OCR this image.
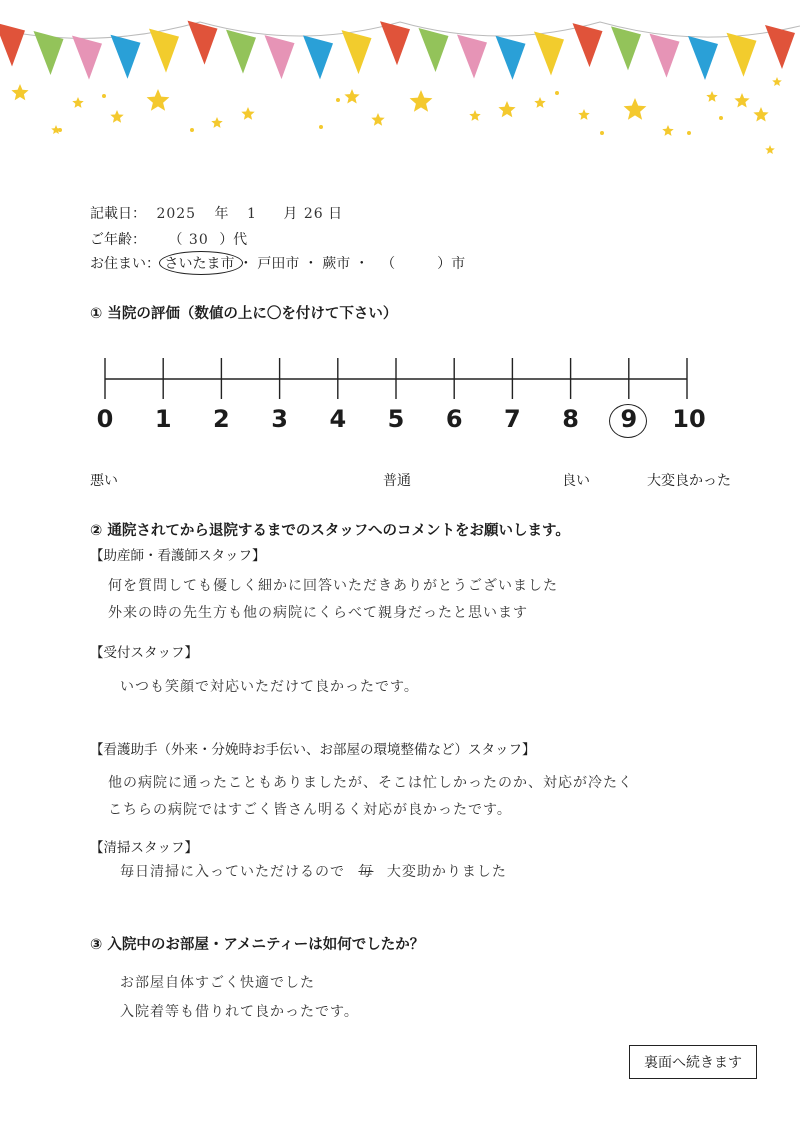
記載日： 2025 年 1 月 26 日
ご年齢： （ 30 ）代
お住まい： さいたま市 ・ 戸田市 ・ 蕨市 ・ （　　　）市
① 当院の評価（数値の上に〇を付けて下さい）
0 1 2 3 4 5 6 7 8 9 10
悪い	普通	良い	大変良かった
② 通院されてから退院するまでのスタッフへのコメントをお願いします。
【助産師・看護師スタッフ】
何を質問しても優しく細かに回答いただきありがとうございました
外来の時の先生方も他の病院にくらべて親身だったと思います
【受付スタッフ】
いつも笑顔で対応いただけて良かったです。
【看護助手（外来・分娩時お手伝い、お部屋の環境整備など）スタッフ】
他の病院に通ったこともありましたが、そこは忙しかったのか、対応が冷たく
こちらの病院ではすごく皆さん明るく対応が良かったです。
【清掃スタッフ】
毎日清掃に入っていただけるので 毎 大変助かりました
③ 入院中のお部屋・アメニティーは如何でしたか？
お部屋自体すごく快適でした
入院着等も借りれて良かったです。
裏面へ続きます
